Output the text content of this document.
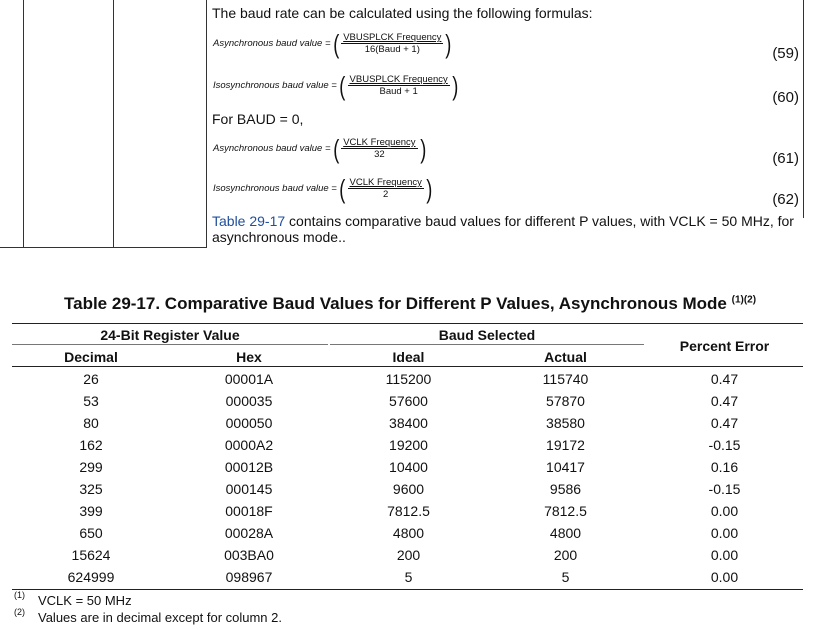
The baud rate can be calculated using the following formulas:
Asynchronous baud value = ( $\frac{\text{VBUSPLCK Frequency}}{\text{16(Baud + 1)}}$ )	(59)
Isosynchronous baud value = ( $\frac{\text{VBUSPLCK Frequency}}{\text{Baud + 1}}$ )	(60)
For BAUD = 0,
Asynchronous baud value = ( $\frac{\text{VCLK Frequency}}{32}$ )	(61)
Isosynchronous baud value = ( $\frac{\text{VCLK Frequency}}{2}$ )	(62)
Table 29-17 contains comparative baud values for different P values, with VCLK = 50 MHz, for
asynchronous mode..
Table 29-17. Comparative Baud Values for Different P Values, Asynchronous Mode $^{(1)(2)}$
24-Bit Register Value	Baud Selected
Percent Error
Decimal	Hex	Ideal	Actual
26	00001A	115200	115740	0.47
53	000035	57600	57870	0.47
80	000050	38400	38580	0.47
162	0000A2	19200	19172	-0.15
299	00012B	10400	10417	0.16
325	000145	9600	9586	-0.15
399	00018F	7812.5	7812.5	0.00
650	00028A	4800	4800	0.00
15624	003BA0	200	200	0.00
624999	098967	5	5	0.00
(1) VCLK = 50 MHz
(2) Values are in decimal except for column 2.
